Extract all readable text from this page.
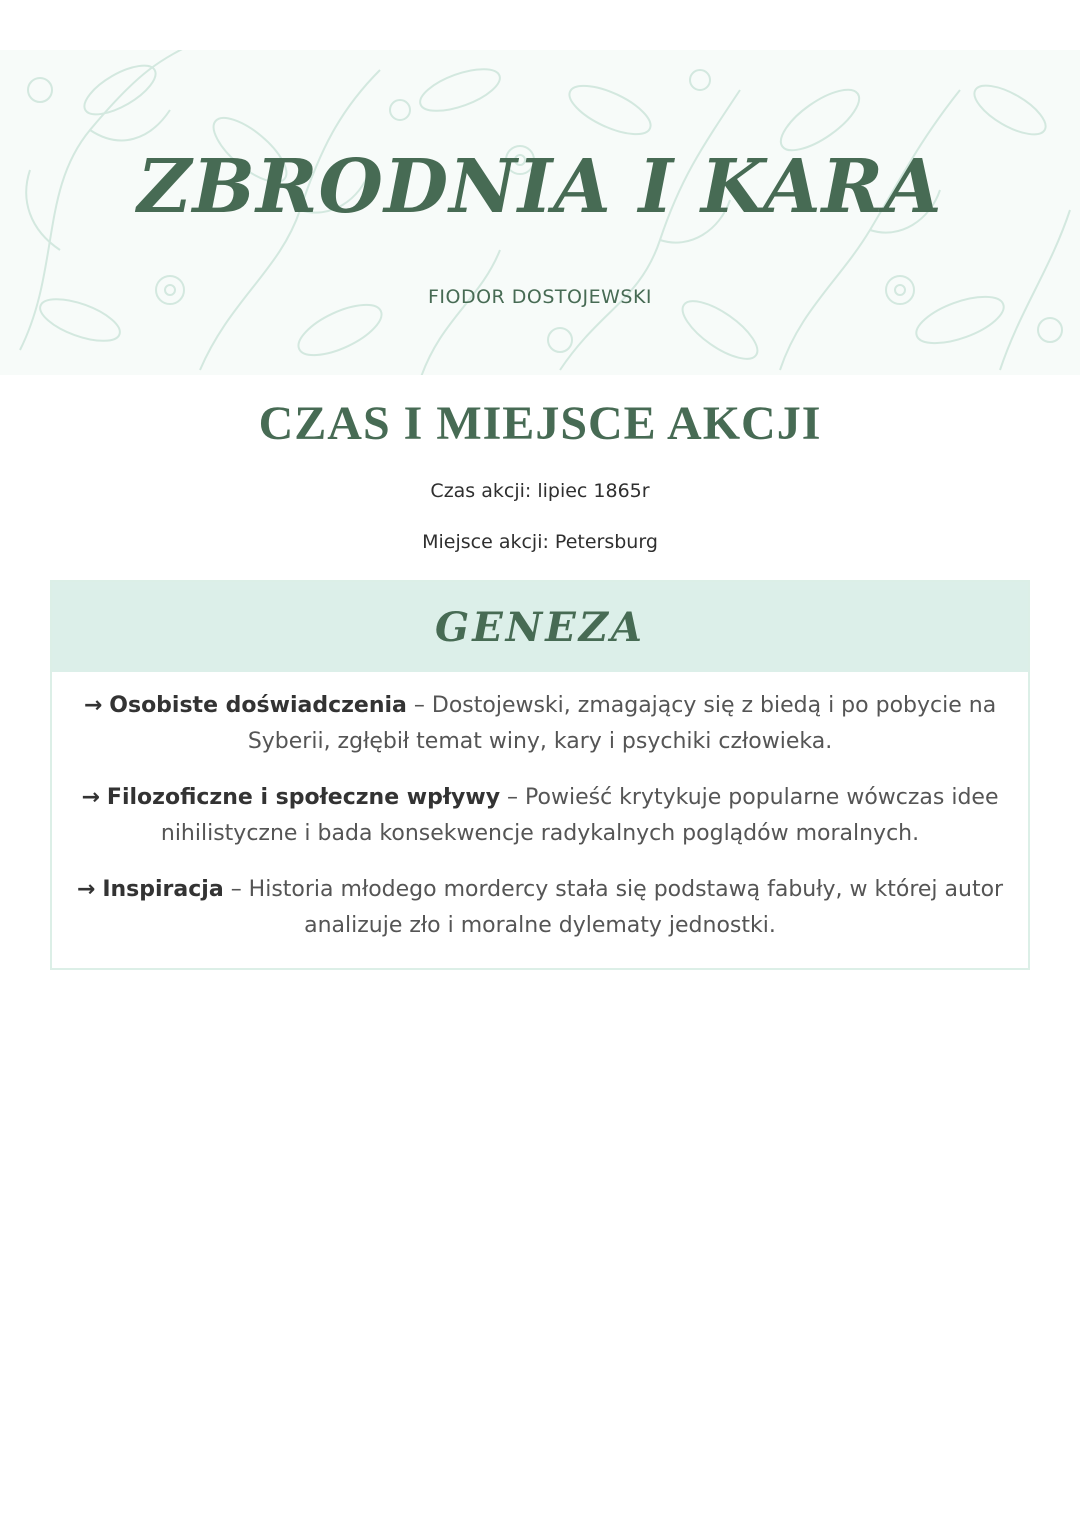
ZBRODNIA I KARA
FIODOR DOSTOJEWSKI
CZAS I MIEJSCE AKCJI
Czas akcji: lipiec 1865r
Miejsce akcji: Petersburg
GENEZA
→ Osobiste doświadczenia – Dostojewski, zmagający się z biedą i po pobycie na Syberii, zgłębił temat winy, kary i psychiki człowieka.
→ Filozoficzne i społeczne wpływy – Powieść krytykuje popularne wówczas idee nihilistyczne i bada konsekwencje radykalnych poglądów moralnych.
→ Inspiracja – Historia młodego mordercy stała się podstawą fabuły, w której autor analizuje zło i moralne dylematy jednostki.
